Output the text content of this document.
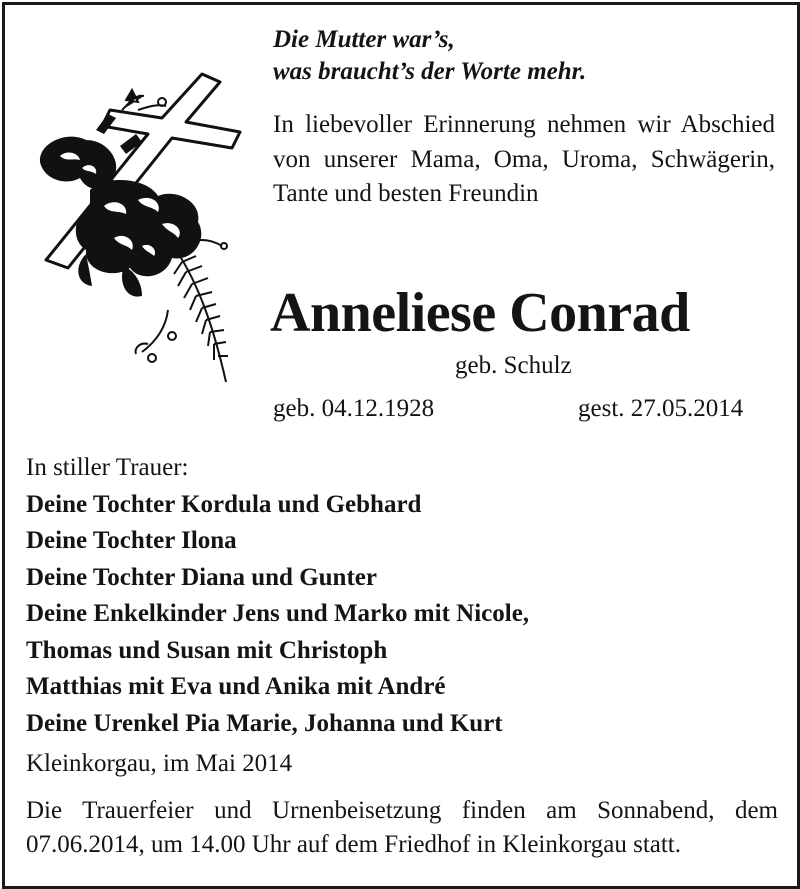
Die Mutter war’s,
was braucht’s der Worte mehr.
In liebevoller Erinnerung nehmen wir Abschied von unserer Mama, Oma, Uroma, Schwägerin, Tante und besten Freundin
Anneliese Conrad
geb. Schulz
geb. 04.12.1928	gest. 27.05.2014
In stiller Trauer:
Deine Tochter Kordula und Gebhard
Deine Tochter Ilona
Deine Tochter Diana und Gunter
Deine Enkelkinder Jens und Marko mit Nicole,
Thomas und Susan mit Christoph
Matthias mit Eva und Anika mit André
Deine Urenkel Pia Marie, Johanna und Kurt
Kleinkorgau, im Mai 2014
Die Trauerfeier und Urnenbeisetzung finden am Sonnabend, dem 07.06.2014, um 14.00 Uhr auf dem Friedhof in Kleinkorgau statt.
